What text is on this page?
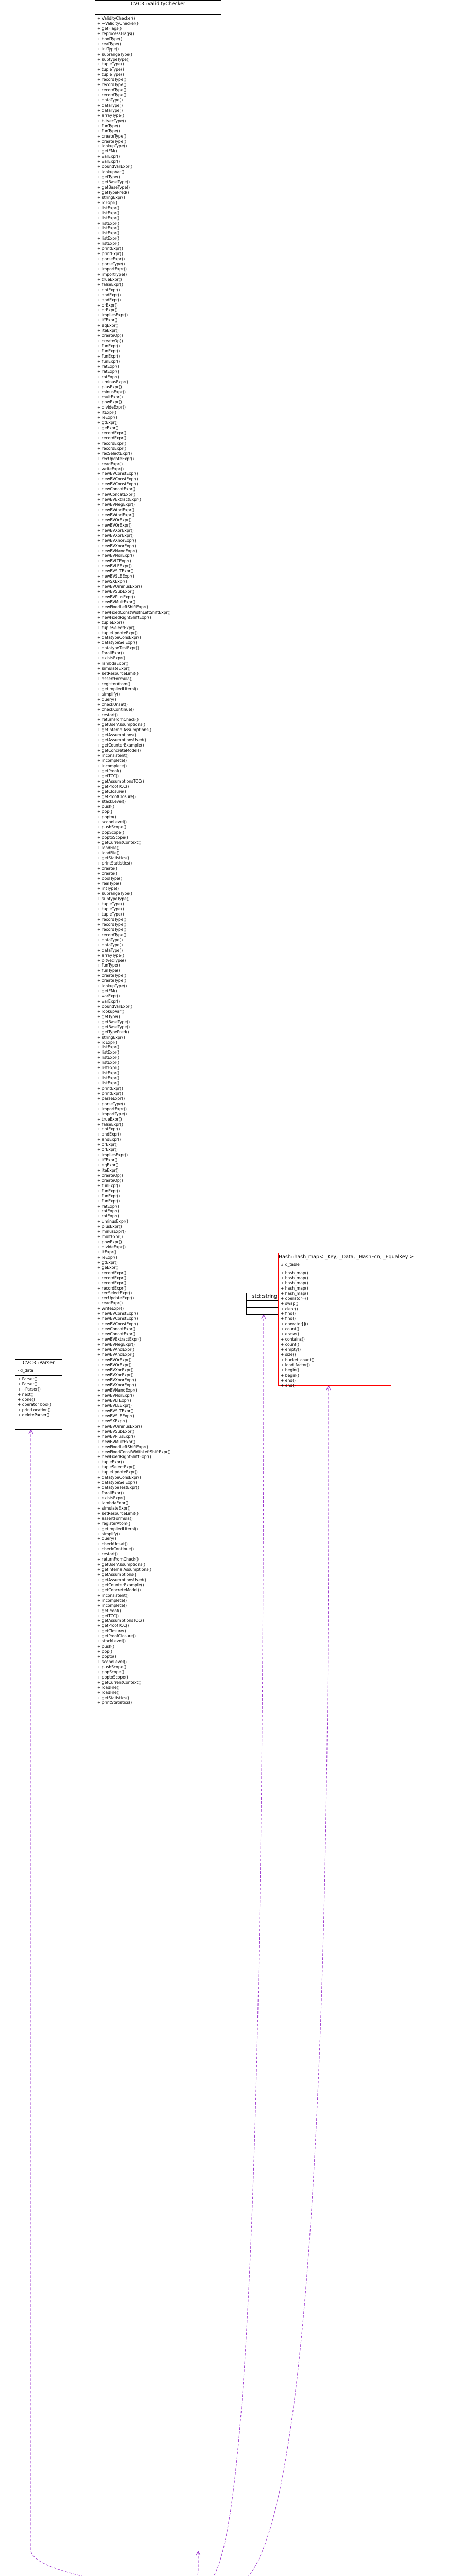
CVC3::ValidityChecker
+ ValidityChecker()
+ ~ValidityChecker()
+ getFlags()
+ reprocessFlags()
+ boolType()
+ realType()
+ intType()
+ subrangeType()
+ subtypeType()
+ tupleType()
+ tupleType()
+ tupleType()
+ recordType()
+ recordType()
+ recordType()
+ recordType()
+ dataType()
+ dataType()
+ dataType()
+ arrayType()
+ bitvecType()
+ funType()
+ funType()
+ createType()
+ createType()
+ lookupType()
+ getEM()
+ varExpr()
+ varExpr()
+ boundVarExpr()
+ lookupVar()
+ getType()
+ getBaseType()
+ getBaseType()
+ getTypePred()
+ stringExpr()
+ idExpr()
+ listExpr()
+ listExpr()
+ listExpr()
+ listExpr()
+ listExpr()
+ listExpr()
+ listExpr()
+ listExpr()
+ printExpr()
+ printExpr()
+ parseExpr()
+ parseType()
+ importExpr()
+ importType()
+ trueExpr()
+ falseExpr()
+ notExpr()
+ andExpr()
+ andExpr()
+ orExpr()
+ orExpr()
+ impliesExpr()
+ iffExpr()
+ eqExpr()
+ iteExpr()
+ createOp()
+ createOp()
+ funExpr()
+ funExpr()
+ funExpr()
+ funExpr()
+ ratExpr()
+ ratExpr()
+ ratExpr()
+ uminusExpr()
+ plusExpr()
+ minusExpr()
+ multExpr()
+ powExpr()
+ divideExpr()
+ ltExpr()
+ leExpr()
+ gtExpr()
+ geExpr()
+ recordExpr()
+ recordExpr()
+ recordExpr()
+ recordExpr()
+ recSelectExpr()
+ recUpdateExpr()
+ readExpr()
+ writeExpr()
+ newBVConstExpr()
+ newBVConstExpr()
+ newBVConstExpr()
+ newConcatExpr()
+ newConcatExpr()
+ newBVExtractExpr()
+ newBVNegExpr()
+ newBVAndExpr()
+ newBVAndExpr()
+ newBVOrExpr()
+ newBVOrExpr()
+ newBVXorExpr()
+ newBVXorExpr()
+ newBVXnorExpr()
+ newBVXnorExpr()
+ newBVNandExpr()
+ newBVNorExpr()
+ newBVLTExpr()
+ newBVLEExpr()
+ newBVSLTExpr()
+ newBVSLEExpr()
+ newSXExpr()
+ newBVUminusExpr()
+ newBVSubExpr()
+ newBVPlusExpr()
+ newBVMultExpr()
+ newFixedLeftShiftExpr()
+ newFixedConstWidthLeftShiftExpr()
+ newFixedRightShiftExpr()
+ tupleExpr()
+ tupleSelectExpr()
+ tupleUpdateExpr()
+ datatypeConsExpr()
+ datatypeSelExpr()
+ datatypeTestExpr()
+ forallExpr()
+ existsExpr()
+ lambdaExpr()
+ simulateExpr()
+ setResourceLimit()
+ assertFormula()
+ registerAtom()
+ getImpliedLiteral()
+ simplify()
+ query()
+ checkUnsat()
+ checkContinue()
+ restart()
+ returnFromCheck()
+ getUserAssumptions()
+ getInternalAssumptions()
+ getAssumptions()
+ getAssumptionsUsed()
+ getCounterExample()
+ getConcreteModel()
+ inconsistent()
+ incomplete()
+ incomplete()
+ getProof()
+ getTCC()
+ getAssumptionsTCC()
+ getProofTCC()
+ getClosure()
+ getProofClosure()
+ stackLevel()
+ push()
+ pop()
+ popto()
+ scopeLevel()
+ pushScope()
+ popScope()
+ poptoScope()
+ getCurrentContext()
+ loadFile()
+ loadFile()
+ getStatistics()
+ printStatistics()
+ create()
+ create()
+ boolType()
+ realType()
+ intType()
+ subrangeType()
+ subtypeType()
+ tupleType()
+ tupleType()
+ tupleType()
+ recordType()
+ recordType()
+ recordType()
+ recordType()
+ dataType()
+ dataType()
+ dataType()
+ arrayType()
+ bitvecType()
+ funType()
+ funType()
+ createType()
+ createType()
+ lookupType()
+ getEM()
+ varExpr()
+ varExpr()
+ boundVarExpr()
+ lookupVar()
+ getType()
+ getBaseType()
+ getBaseType()
+ getTypePred()
+ stringExpr()
+ idExpr()
+ listExpr()
+ listExpr()
+ listExpr()
+ listExpr()
+ listExpr()
+ listExpr()
+ listExpr()
+ listExpr()
+ printExpr()
+ printExpr()
+ parseExpr()
+ parseType()
+ importExpr()
+ importType()
+ trueExpr()
+ falseExpr()
+ notExpr()
+ andExpr()
+ andExpr()
+ orExpr()
+ orExpr()
+ impliesExpr()
+ iffExpr()
+ eqExpr()
+ iteExpr()
+ createOp()
+ createOp()
+ funExpr()
+ funExpr()
+ funExpr()
+ funExpr()
+ ratExpr()
+ ratExpr()
+ ratExpr()
+ uminusExpr()
+ plusExpr()
+ minusExpr()
+ multExpr()
+ powExpr()
+ divideExpr()
+ ltExpr()
+ leExpr()
+ gtExpr()
+ geExpr()
+ recordExpr()
+ recordExpr()
+ recordExpr()
+ recordExpr()
+ recSelectExpr()
+ recUpdateExpr()
+ readExpr()
+ writeExpr()
+ newBVConstExpr()
+ newBVConstExpr()
+ newBVConstExpr()
+ newConcatExpr()
+ newConcatExpr()
+ newBVExtractExpr()
+ newBVNegExpr()
+ newBVAndExpr()
+ newBVAndExpr()
+ newBVOrExpr()
+ newBVOrExpr()
+ newBVXorExpr()
+ newBVXorExpr()
+ newBVXnorExpr()
+ newBVXnorExpr()
+ newBVNandExpr()
+ newBVNorExpr()
+ newBVLTExpr()
+ newBVLEExpr()
+ newBVSLTExpr()
+ newBVSLEExpr()
+ newSXExpr()
+ newBVUminusExpr()
+ newBVSubExpr()
+ newBVPlusExpr()
+ newBVMultExpr()
+ newFixedLeftShiftExpr()
+ newFixedConstWidthLeftShiftExpr()
+ newFixedRightShiftExpr()
+ tupleExpr()
+ tupleSelectExpr()
+ tupleUpdateExpr()
+ datatypeConsExpr()
+ datatypeSelExpr()
+ datatypeTestExpr()
+ forallExpr()
+ existsExpr()
+ lambdaExpr()
+ simulateExpr()
+ setResourceLimit()
+ assertFormula()
+ registerAtom()
+ getImpliedLiteral()
+ simplify()
+ query()
+ checkUnsat()
+ checkContinue()
+ restart()
+ returnFromCheck()
+ getUserAssumptions()
+ getInternalAssumptions()
+ getAssumptions()
+ getAssumptionsUsed()
+ getCounterExample()
+ getConcreteModel()
+ inconsistent()
+ incomplete()
+ incomplete()
+ getProof()
+ getTCC()
+ getAssumptionsTCC()
+ getProofTCC()
+ getClosure()
+ getProofClosure()
+ stackLevel()
+ push()
+ pop()
+ popto()
+ scopeLevel()
+ pushScope()
+ popScope()
+ poptoScope()
+ getCurrentContext()
+ loadFile()
+ loadFile()
+ getStatistics()
+ printStatistics()
CVC3::Parser
- d_data
+ Parser()
+ Parser()
+ ~Parser()
+ next()
+ done()
+ operator bool()
+ printLocation()
+ deleteParser()
std::string
Hash::hash_map< _Key, _Data, _HashFcn, _EqualKey >
# d_table
+ hash_map()
+ hash_map()
+ hash_map()
+ hash_map()
+ hash_map()
+ operator=()
+ swap()
+ clear()
+ find()
+ find()
+ operator[]()
+ count()
+ erase()
+ contains()
+ count()
+ empty()
+ size()
+ bucket_count()
+ load_factor()
+ begin()
+ begin()
+ end()
+ end()
